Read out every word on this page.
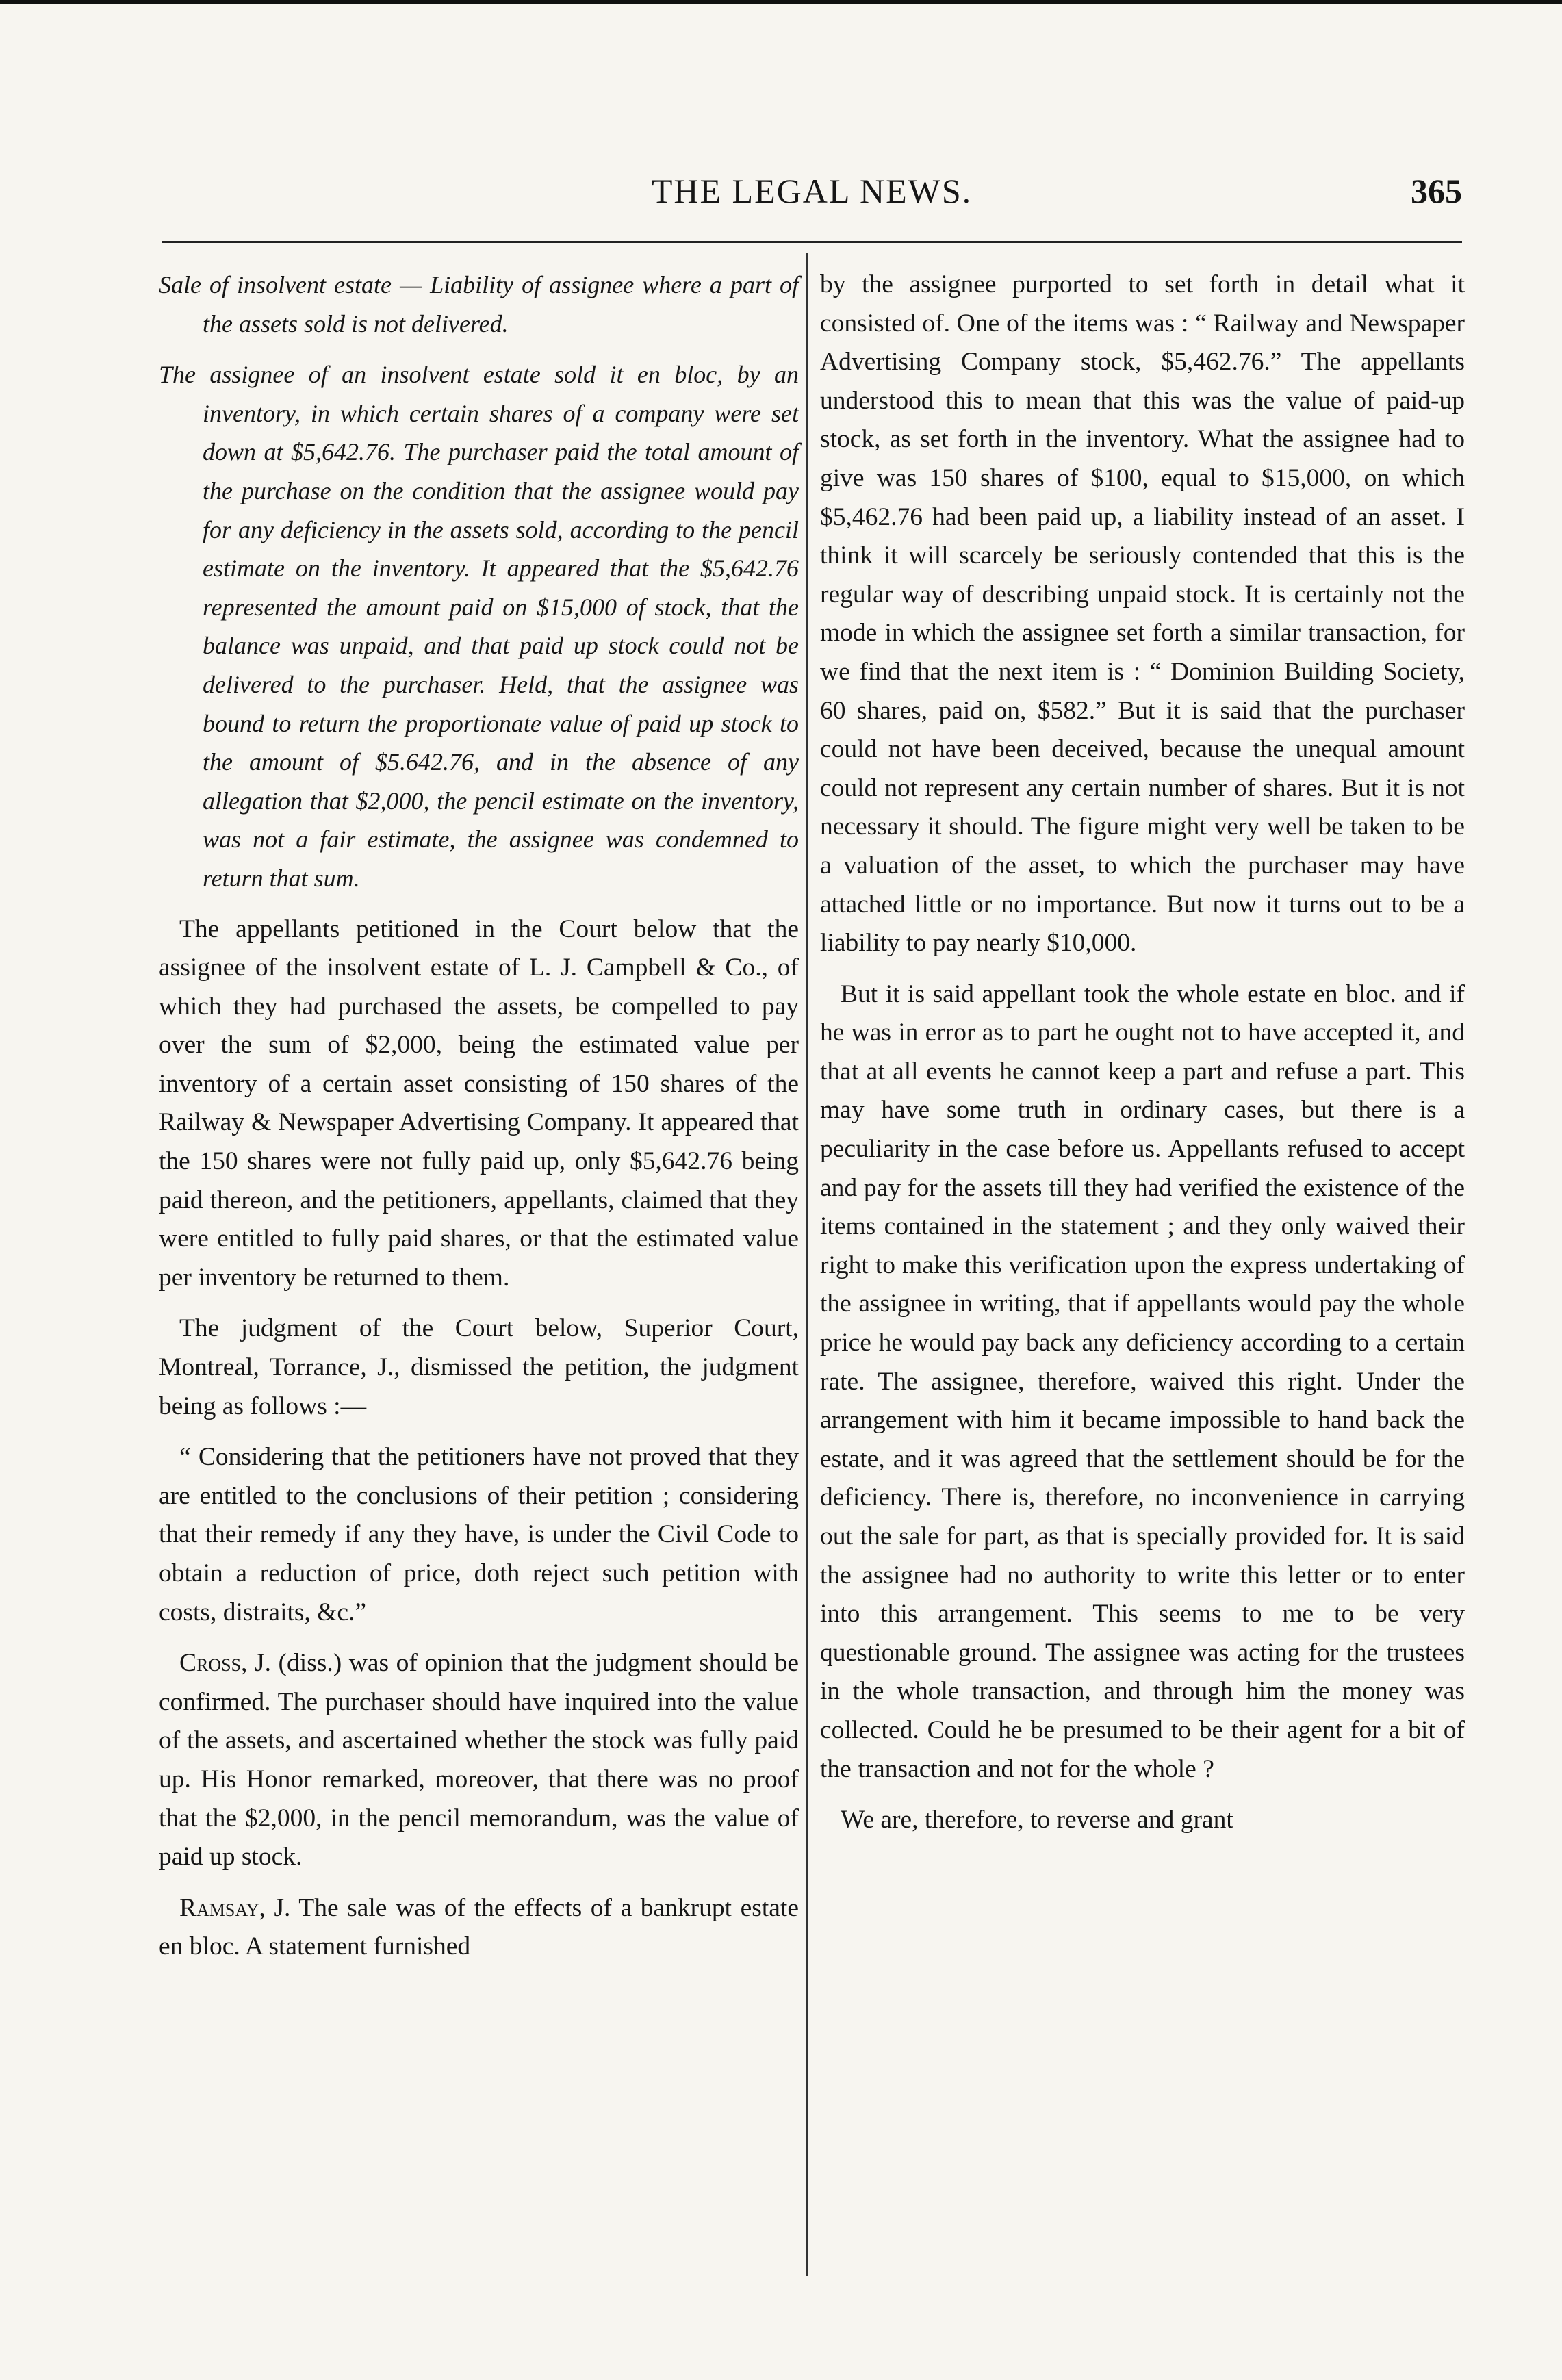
THE LEGAL NEWS.	365

Sale of insolvent estate — Liability of assignee where a part of the assets sold is not delivered.

The assignee of an insolvent estate sold it en bloc, by an inventory, in which certain shares of a company were set down at $5,642.76. The purchaser paid the total amount of the purchase on the condition that the assignee would pay for any deficiency in the assets sold, according to the pencil estimate on the inventory. It appeared that the $5,642.76 represented the amount paid on $15,000 of stock, that the balance was unpaid, and that paid up stock could not be delivered to the purchaser. Held, that the assignee was bound to return the proportionate value of paid up stock to the amount of $5.642.76, and in the absence of any allegation that $2,000, the pencil estimate on the inventory, was not a fair estimate, the assignee was condemned to return that sum.

The appellants petitioned in the Court below that the assignee of the insolvent estate of L. J. Campbell & Co., of which they had purchased the assets, be compelled to pay over the sum of $2,000, being the estimated value per inventory of a certain asset consisting of 150 shares of the Railway & Newspaper Advertising Company. It appeared that the 150 shares were not fully paid up, only $5,642.76 being paid thereon, and the petitioners, appellants, claimed that they were entitled to fully paid shares, or that the estimated value per inventory be returned to them.

The judgment of the Court below, Superior Court, Montreal, Torrance, J., dismissed the petition, the judgment being as follows :—

“ Considering that the petitioners have not proved that they are entitled to the conclusions of their petition ; considering that their remedy if any they have, is under the Civil Code to obtain a reduction of price, doth reject such petition with costs, distraits, &c.”

Cross, J. (diss.) was of opinion that the judgment should be confirmed. The purchaser should have inquired into the value of the assets, and ascertained whether the stock was fully paid up. His Honor remarked, moreover, that there was no proof that the $2,000, in the pencil memorandum, was the value of paid up stock.

Ramsay, J. The sale was of the effects of a bankrupt estate en bloc. A statement furnished

by the assignee purported to set forth in detail what it consisted of. One of the items was : “ Railway and Newspaper Advertising Company stock, $5,462.76.” The appellants understood this to mean that this was the value of paid-up stock, as set forth in the inventory. What the assignee had to give was 150 shares of $100, equal to $15,000, on which $5,462.76 had been paid up, a liability instead of an asset. I think it will scarcely be seriously contended that this is the regular way of describing unpaid stock. It is certainly not the mode in which the assignee set forth a similar transaction, for we find that the next item is : “ Dominion Building Society, 60 shares, paid on, $582.” But it is said that the purchaser could not have been deceived, because the unequal amount could not represent any certain number of shares. But it is not necessary it should. The figure might very well be taken to be a valuation of the asset, to which the purchaser may have attached little or no importance. But now it turns out to be a liability to pay nearly $10,000.

But it is said appellant took the whole estate en bloc. and if he was in error as to part he ought not to have accepted it, and that at all events he cannot keep a part and refuse a part. This may have some truth in ordinary cases, but there is a peculiarity in the case before us. Appellants refused to accept and pay for the assets till they had verified the existence of the items contained in the statement ; and they only waived their right to make this verification upon the express undertaking of the assignee in writing, that if appellants would pay the whole price he would pay back any deficiency according to a certain rate. The assignee, therefore, waived this right. Under the arrangement with him it became impossible to hand back the estate, and it was agreed that the settlement should be for the deficiency. There is, therefore, no inconvenience in carrying out the sale for part, as that is specially provided for. It is said the assignee had no authority to write this letter or to enter into this arrangement. This seems to me to be very questionable ground. The assignee was acting for the trustees in the whole transaction, and through him the money was collected. Could he be presumed to be their agent for a bit of the transaction and not for the whole ?

We are, therefore, to reverse and grant
